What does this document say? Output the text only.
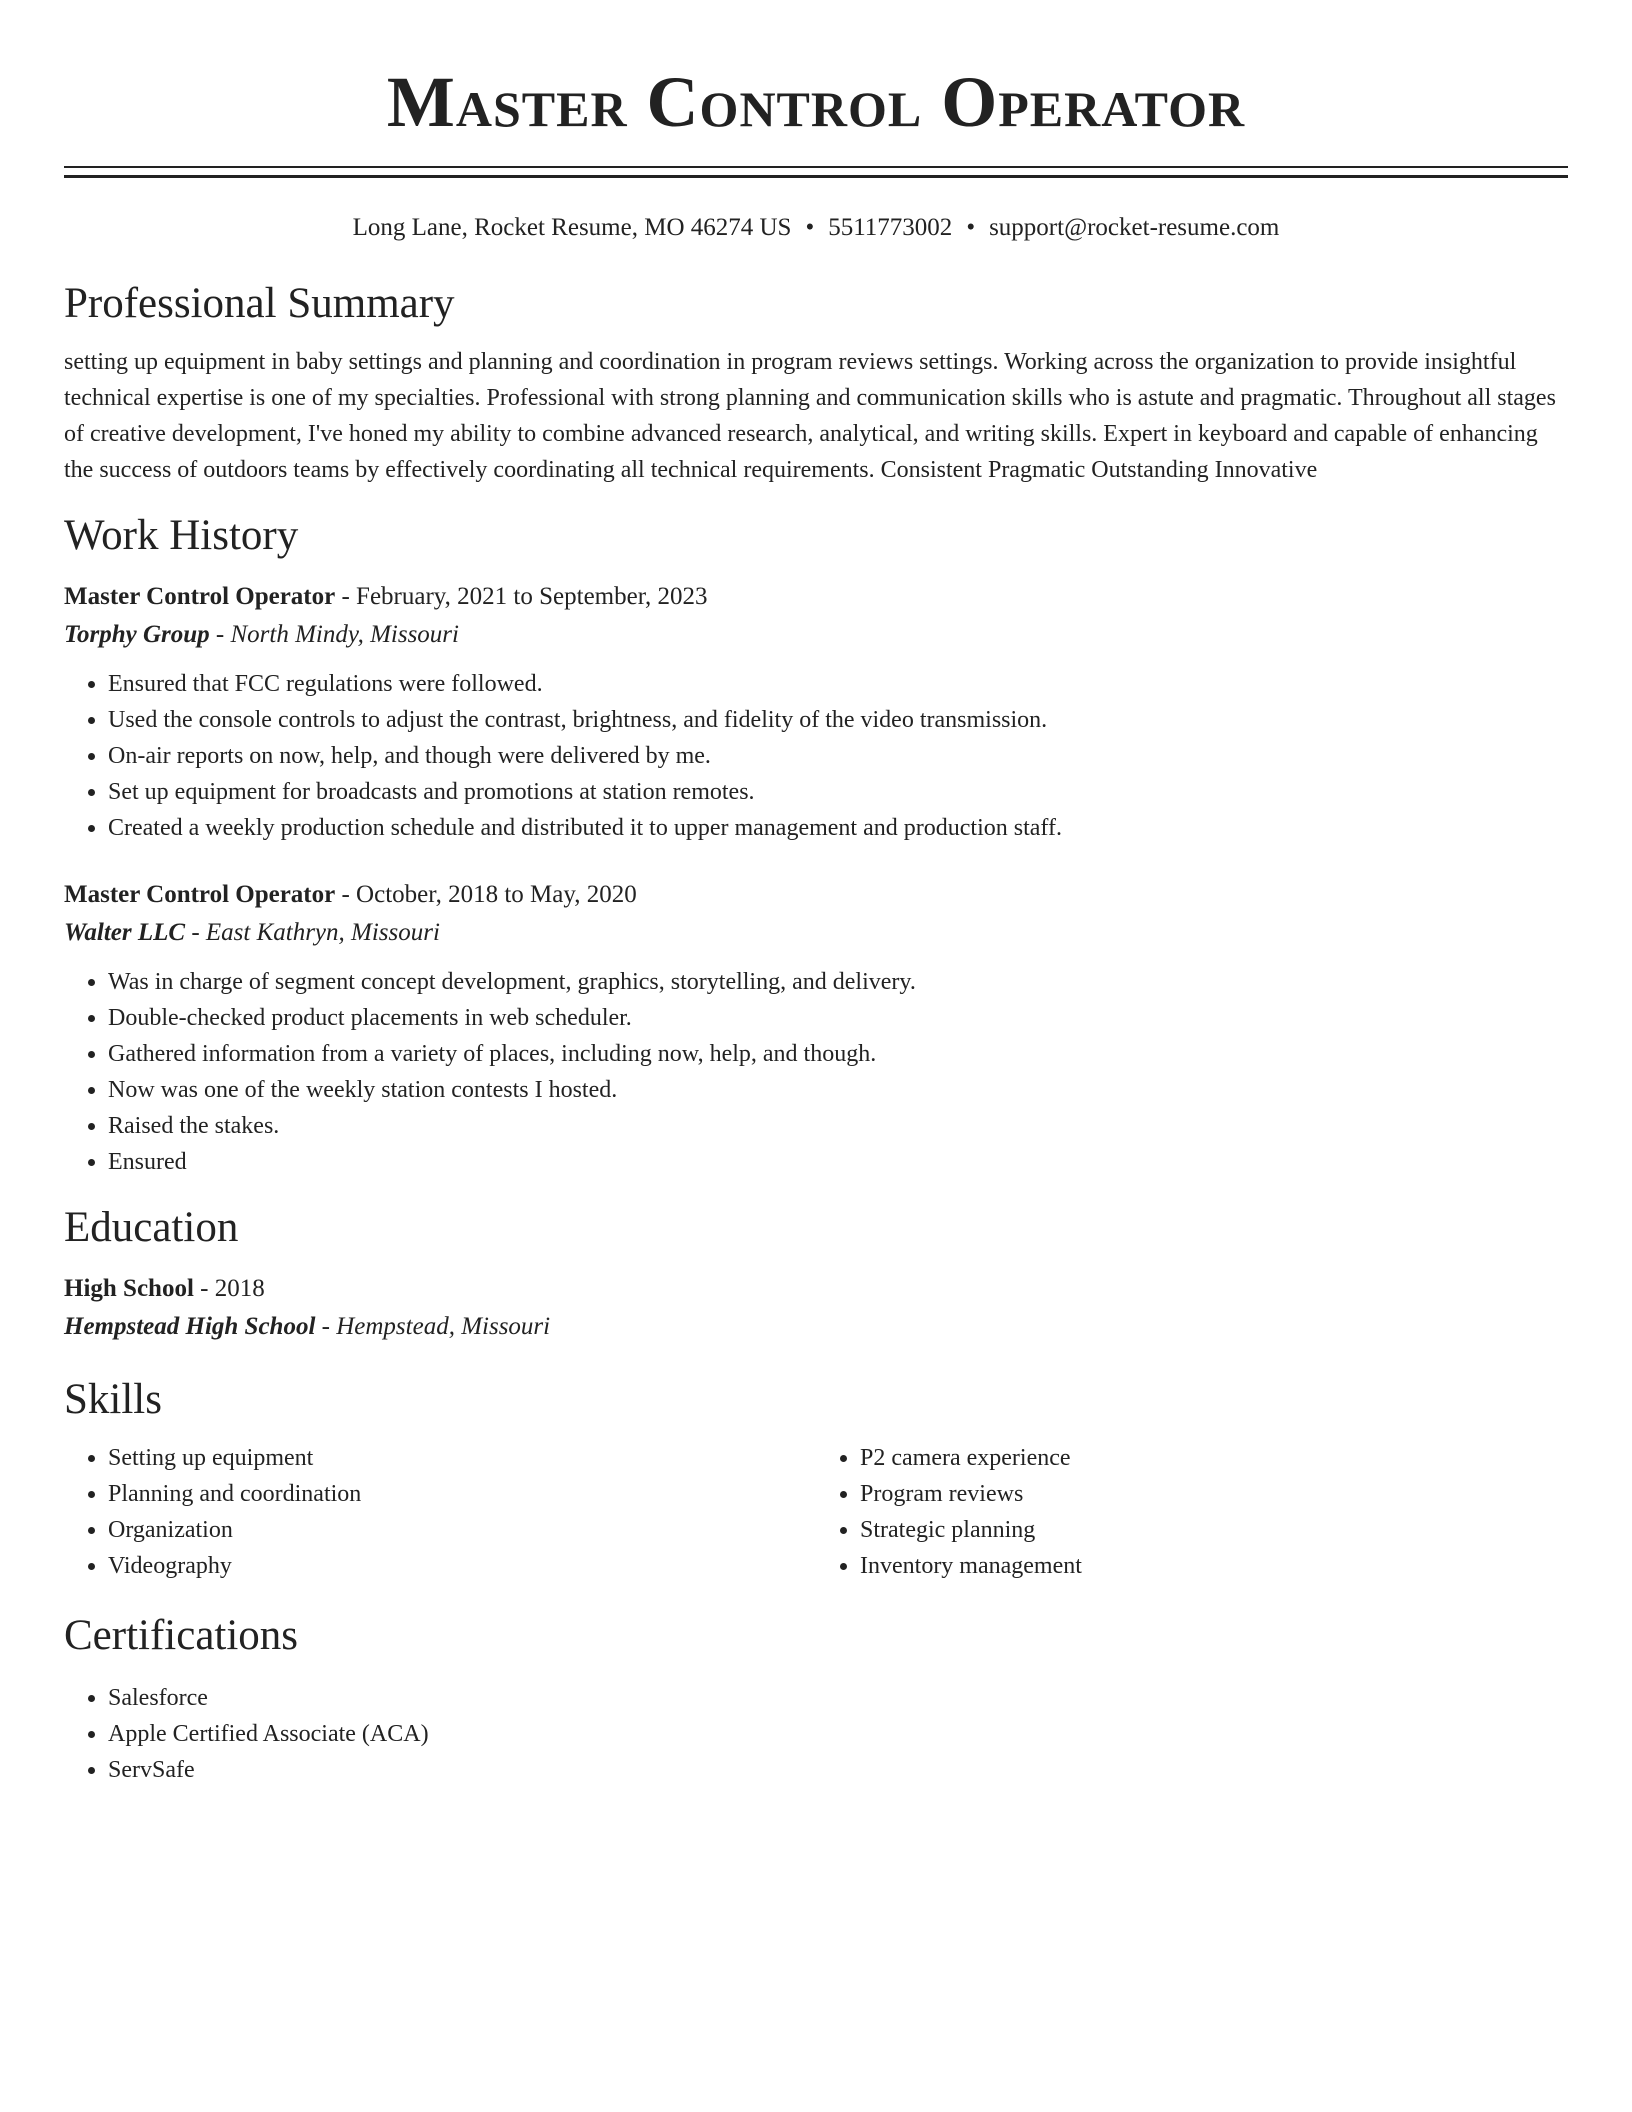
Master Control Operator
Long Lane, Rocket Resume, MO 46274 US • 5511773002 • support@rocket-resume.com
Professional Summary
setting up equipment in baby settings and planning and coordination in program reviews settings. Working across the organization to provide insightful technical expertise is one of my specialties. Professional with strong planning and communication skills who is astute and pragmatic. Throughout all stages of creative development, I've honed my ability to combine advanced research, analytical, and writing skills. Expert in keyboard and capable of enhancing the success of outdoors teams by effectively coordinating all technical requirements. Consistent Pragmatic Outstanding Innovative
Work History
Master Control Operator - February, 2021 to September, 2023
Torphy Group - North Mindy, Missouri
• Ensured that FCC regulations were followed.
• Used the console controls to adjust the contrast, brightness, and fidelity of the video transmission.
• On-air reports on now, help, and though were delivered by me.
• Set up equipment for broadcasts and promotions at station remotes.
• Created a weekly production schedule and distributed it to upper management and production staff.
Master Control Operator - October, 2018 to May, 2020
Walter LLC - East Kathryn, Missouri
• Was in charge of segment concept development, graphics, storytelling, and delivery.
• Double-checked product placements in web scheduler.
• Gathered information from a variety of places, including now, help, and though.
• Now was one of the weekly station contests I hosted.
• Raised the stakes.
• Ensured
Education
High School - 2018
Hempstead High School - Hempstead, Missouri
Skills
• Setting up equipment
• Planning and coordination
• Organization
• Videography
• P2 camera experience
• Program reviews
• Strategic planning
• Inventory management
Certifications
• Salesforce
• Apple Certified Associate (ACA)
• ServSafe
